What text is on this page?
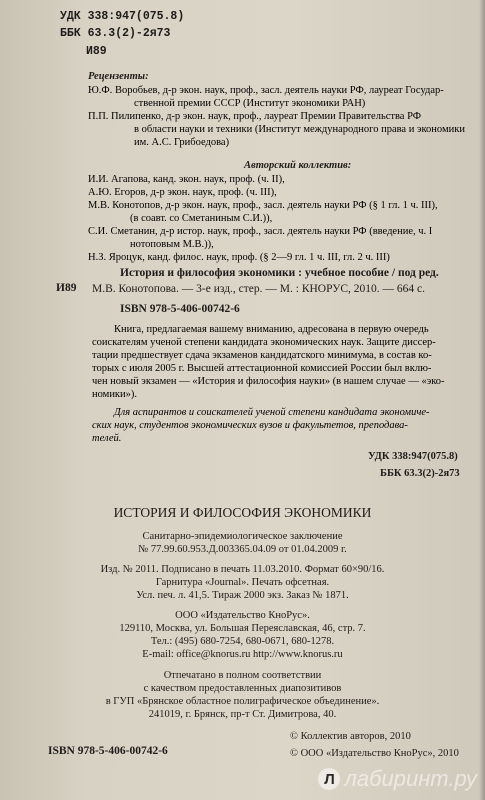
УДК 338:947(075.8)
ББК 63.3(2)-2я73
И89
Рецензенты:
Ю.Ф. Воробьев, д-р экон. наук, проф., засл. деятель науки РФ, лауреат Государ-
ственной премии СССР (Институт экономики РАН)
П.П. Пилипенко, д-р экон. наук, проф., лауреат Премии Правительства РФ
в области науки и техники (Институт международного права и экономики
им. А.С. Грибоедова)
Авторский коллектив:
И.И. Агапова, канд. экон. наук, проф. (ч. II),
А.Ю. Егоров, д-р экон. наук, проф. (ч. III),
М.В. Конотопов, д-р экон. наук, проф., засл. деятель науки РФ (§ 1 гл. 1 ч. III),
(в соавт. со Сметаниным С.И.)),
С.И. Сметанин, д-р истор. наук, проф., засл. деятель науки РФ (введение, ч. I
нотоповым М.В.)),
Н.З. Яроцук, канд. филос. наук, проф. (§ 2—9 гл. 1 ч. III, гл. 2 ч. III)
И89
История и философия экономики : учебное пособие / под ред.
М.В. Конотопова. — 3-е изд., стер. — М. : КНОРУС, 2010. — 664 с.
ISBN 978-5-406-00742-6
Книга, предлагаемая вашему вниманию, адресована в первую очередь
соискателям ученой степени кандидата экономических наук. Защите диссер-
тации предшествует сдача экзаменов кандидатского минимума, в состав ко-
торых с июля 2005 г. Высшей аттестационной комиссией России был вклю-
чен новый экзамен — «История и философия науки» (в нашем случае — «эко-
номики»).
Для аспирантов и соискателей ученой степени кандидата экономиче-
ских наук, студентов экономических вузов и факультетов, преподава-
телей.
УДК 338:947(075.8)
ББК 63.3(2)-2я73
ИСТОРИЯ И ФИЛОСОФИЯ ЭКОНОМИКИ
Санитарно-эпидемиологическое заключение
№ 77.99.60.953.Д.003365.04.09 от 01.04.2009 г.
Изд. № 2011. Подписано в печать 11.03.2010. Формат 60×90/16.
Гарнитура «Journal». Печать офсетная.
Усл. печ. л. 41,5. Тираж 2000 экз. Заказ № 1871.
ООО «Издательство КноРус».
129110, Москва, ул. Большая Переяславская, 46, стр. 7.
Тел.: (495) 680-7254, 680-0671, 680-1278.
E-mail: office@knorus.ru http://www.knorus.ru
Отпечатано в полном соответствии
с качеством предоставленных диапозитивов
в ГУП «Брянское областное полиграфическое объединение».
241019, г. Брянск, пр-т Ст. Димитрова, 40.
ISBN 978-5-406-00742-6
© Коллектив авторов, 2010
© ООО «Издательство КноРус», 2010
Л лабиринт.ру
